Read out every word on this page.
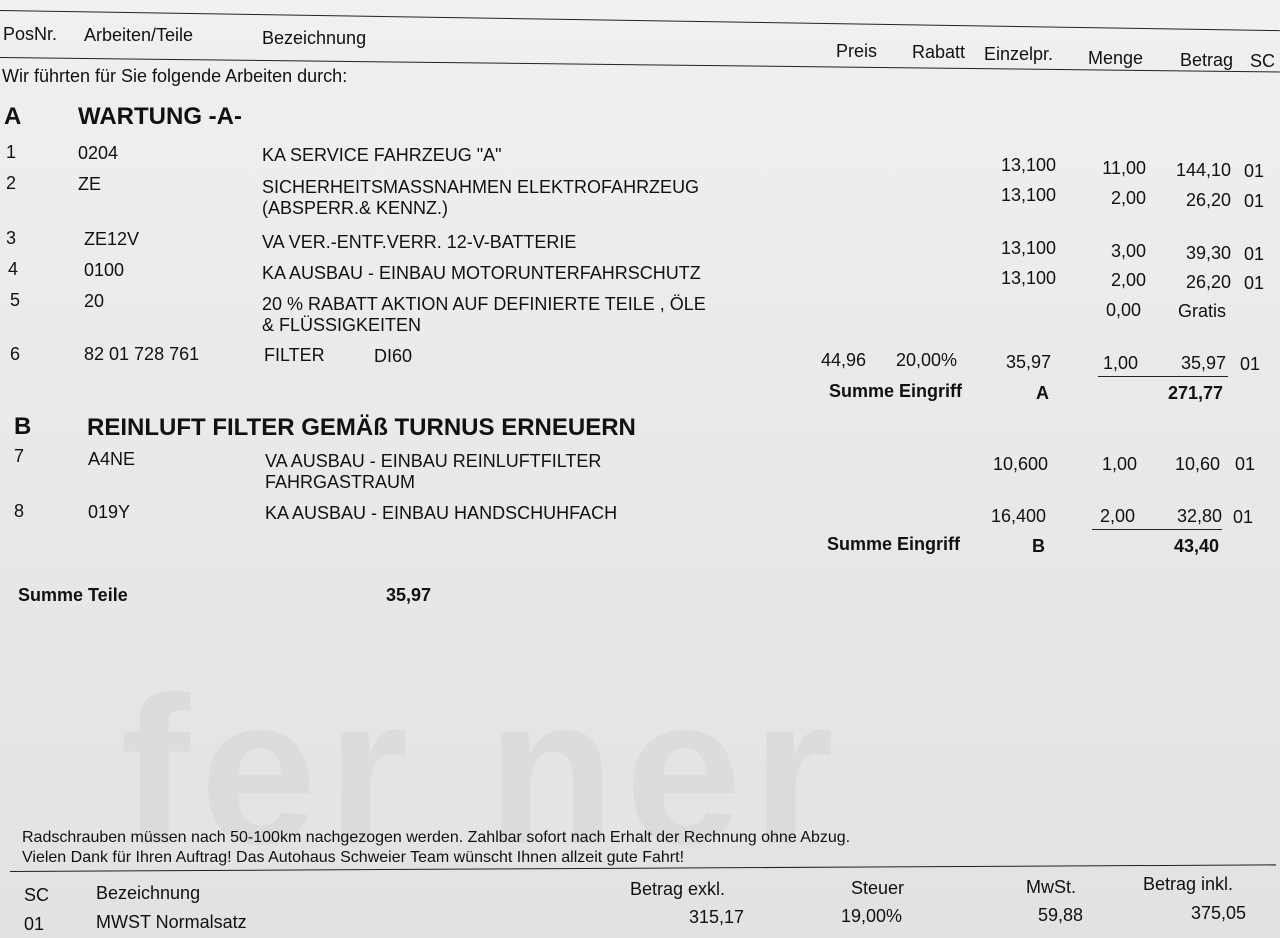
PosNr. Arbeiten/Teile	Bezeichnung
Preis Rabatt Einzelpr. Menge Betrag SC
Wir führten für Sie folgende Arbeiten durch:
A WARTUNG -A-
1	0204	KA SERVICE FAHRZEUG "A"	13,100	11,00 144,10 01
2	ZE	SICHERHEITSMASSNAHMEN ELEKTROFAHRZEUG
(ABSPERR.& KENNZ.)
13,100	2,00 26,20 01
3	ZE12V	VA VER.-ENTF.VERR. 12-V-BATTERIE	13,100	3,00 39,30 01
4	0100	KA AUSBAU - EINBAU MOTORUNTERFAHRSCHUTZ	13,100	2,00 26,20 01
5	20	20 % RABATT AKTION AUF DEFINIERTE TEILE , ÖLE
& FLÜSSIGKEITEN
0,00 Gratis
6	82 01 728 761	FILTER	DI60	44,96 20,00%	35,97	1,00 35,97 01
Summe Eingriff	A	271,77
B REINLUFT FILTER GEMÄß TURNUS ERNEUERN
7	A4NE	VA AUSBAU - EINBAU REINLUFTFILTER
FAHRGASTRAUM
10,600	1,00 10,60 01
8	019Y	KA AUSBAU - EINBAU HANDSCHUHFACH	16,400	2,00 32,80 01
Summe Eingriff	B	43,40
Summe Teile	35,97
Radschrauben müssen nach 50-100km nachgezogen werden. Zahlbar sofort nach Erhalt der Rechnung ohne Abzug.
Vielen Dank für Ihren Auftrag! Das Autohaus Schweier Team wünscht Ihnen allzeit gute Fahrt!
SC	Bezeichnung	Betrag exkl.	Steuer	MwSt.	Betrag inkl.
01	MWST Normalsatz	315,17	19,00%	59,88	375,05
